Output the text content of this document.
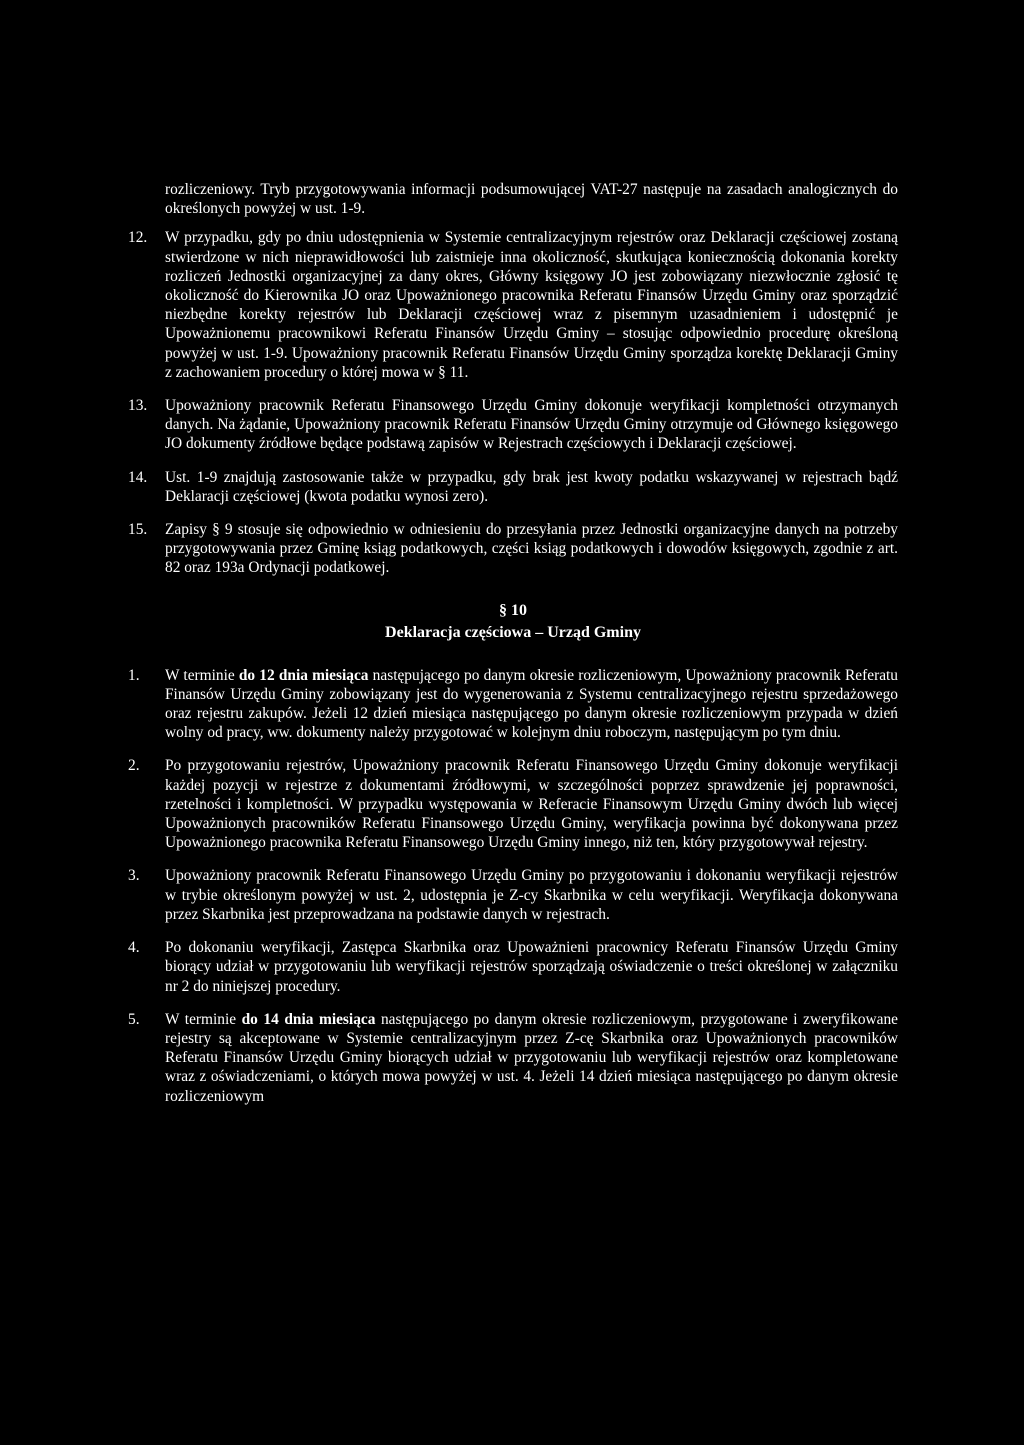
rozliczeniowy. Tryb przygotowywania informacji podsumowującej VAT-27 następuje na zasadach analogicznych do określonych powyżej w ust. 1-9.
12.	W przypadku, gdy po dniu udostępnienia w Systemie centralizacyjnym rejestrów oraz Deklaracji częściowej zostaną stwierdzone w nich nieprawidłowości lub zaistnieje inna okoliczność, skutkująca koniecznością dokonania korekty rozliczeń Jednostki organizacyjnej za dany okres, Główny księgowy JO jest zobowiązany niezwłocznie zgłosić tę okoliczność do Kierownika JO oraz Upoważnionego pracownika Referatu Finansów Urzędu Gminy oraz sporządzić niezbędne korekty rejestrów lub Deklaracji częściowej wraz z pisemnym uzasadnieniem i udostępnić je Upoważnionemu pracownikowi Referatu Finansów Urzędu Gminy – stosując odpowiednio procedurę określoną powyżej w ust. 1-9. Upoważniony pracownik Referatu Finansów Urzędu Gminy sporządza korektę Deklaracji Gminy z zachowaniem procedury o której mowa w § 11.
13.	Upoważniony pracownik Referatu Finansowego Urzędu Gminy dokonuje weryfikacji kompletności otrzymanych danych. Na żądanie, Upoważniony pracownik Referatu Finansów Urzędu Gminy otrzymuje od Głównego księgowego JO dokumenty źródłowe będące podstawą zapisów w Rejestrach częściowych i Deklaracji częściowej.
14.	Ust. 1-9 znajdują zastosowanie także w przypadku, gdy brak jest kwoty podatku wskazywanej w rejestrach bądź Deklaracji częściowej (kwota podatku wynosi zero).
15.	Zapisy § 9 stosuje się odpowiednio w odniesieniu do przesyłania przez Jednostki organizacyjne danych na potrzeby przygotowywania przez Gminę ksiąg podatkowych, części ksiąg podatkowych i dowodów księgowych, zgodnie z art. 82 oraz 193a Ordynacji podatkowej.
§ 10
Deklaracja częściowa – Urząd Gminy
1.	W terminie do 12 dnia miesiąca następującego po danym okresie rozliczeniowym, Upoważniony pracownik Referatu Finansów Urzędu Gminy zobowiązany jest do wygenerowania z Systemu centralizacyjnego rejestru sprzedażowego oraz rejestru zakupów. Jeżeli 12 dzień miesiąca następującego po danym okresie rozliczeniowym przypada w dzień wolny od pracy, ww. dokumenty należy przygotować w kolejnym dniu roboczym, następującym po tym dniu.
2.	Po przygotowaniu rejestrów, Upoważniony pracownik Referatu Finansowego Urzędu Gminy dokonuje weryfikacji każdej pozycji w rejestrze z dokumentami źródłowymi, w szczególności poprzez sprawdzenie jej poprawności, rzetelności i kompletności. W przypadku występowania w Referacie Finansowym Urzędu Gminy dwóch lub więcej Upoważnionych pracowników Referatu Finansowego Urzędu Gminy, weryfikacja powinna być dokonywana przez Upoważnionego pracownika Referatu Finansowego Urzędu Gminy innego, niż ten, który przygotowywał rejestry.
3.	Upoważniony pracownik Referatu Finansowego Urzędu Gminy po przygotowaniu i dokonaniu weryfikacji rejestrów w trybie określonym powyżej w ust. 2, udostępnia je Z-cy Skarbnika w celu weryfikacji. Weryfikacja dokonywana przez Skarbnika jest przeprowadzana na podstawie danych w rejestrach.
4.	Po dokonaniu weryfikacji, Zastępca Skarbnika oraz Upoważnieni pracownicy Referatu Finansów Urzędu Gminy biorący udział w przygotowaniu lub weryfikacji rejestrów sporządzają oświadczenie o treści określonej w załączniku nr 2 do niniejszej procedury.
5.	W terminie do 14 dnia miesiąca następującego po danym okresie rozliczeniowym, przygotowane i zweryfikowane rejestry są akceptowane w Systemie centralizacyjnym przez Z-cę Skarbnika oraz Upoważnionych pracowników Referatu Finansów Urzędu Gminy biorących udział w przygotowaniu lub weryfikacji rejestrów oraz kompletowane wraz z oświadczeniami, o których mowa powyżej w ust. 4. Jeżeli 14 dzień miesiąca następującego po danym okresie rozliczeniowym
